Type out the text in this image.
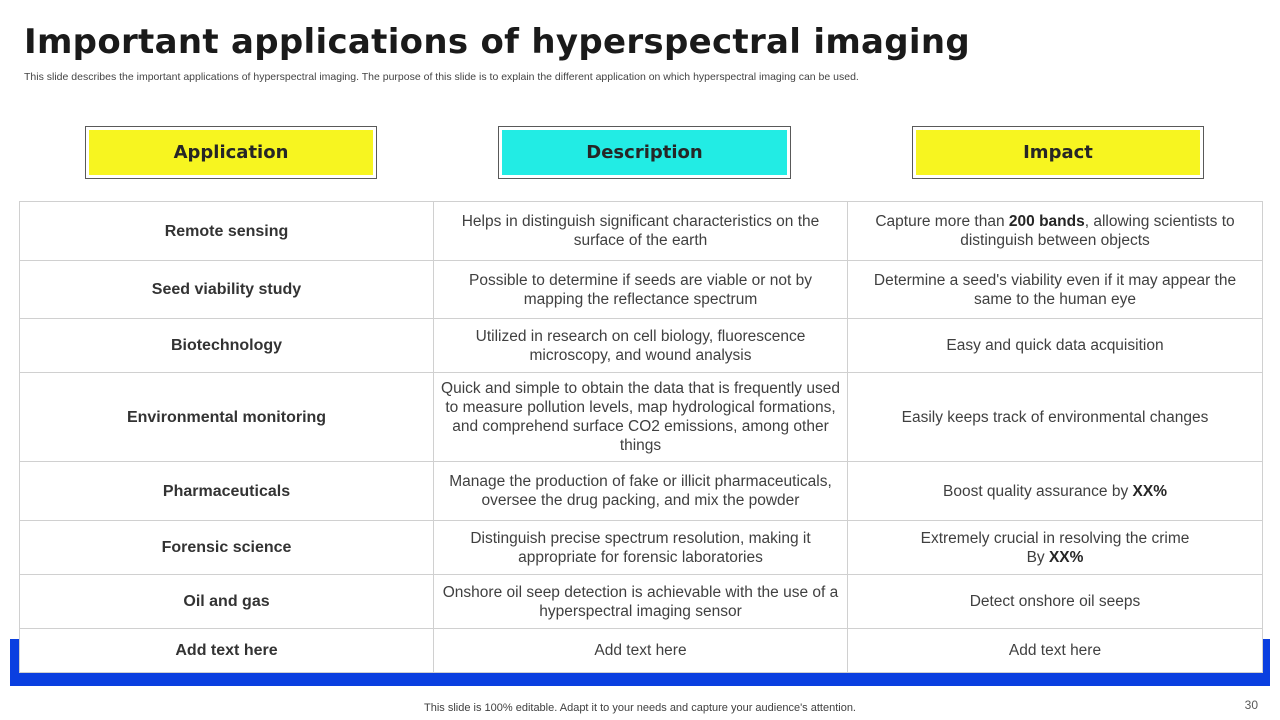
Important applications of hyperspectral imaging
This slide describes the important applications of hyperspectral imaging. The purpose of this slide is to explain the different application on which hyperspectral imaging can be used.
Application	Description	Impact
Remote sensing	Helps in distinguish significant characteristics on the surface of the earth	Capture more than 200 bands, allowing scientists to distinguish between objects
Seed viability study	Possible to determine if seeds are viable or not by mapping the reflectance spectrum	Determine a seed's viability even if it may appear the same to the human eye
Biotechnology	Utilized in research on cell biology, fluorescence microscopy, and wound analysis	Easy and quick data acquisition
Environmental monitoring	Quick and simple to obtain the data that is frequently used to measure pollution levels, map hydrological formations, and comprehend surface CO2 emissions, among other things	Easily keeps track of environmental changes
Pharmaceuticals	Manage the production of fake or illicit pharmaceuticals, oversee the drug packing, and mix the powder	Boost quality assurance by XX%
Forensic science	Distinguish precise spectrum resolution, making it appropriate for forensic laboratories	Extremely crucial in resolving the crime
By XX%
Oil and gas	Onshore oil seep detection is achievable with the use of a hyperspectral imaging sensor	Detect onshore oil seeps
Add text here	Add text here	Add text here
This slide is 100% editable. Adapt it to your needs and capture your audience's attention.	30
